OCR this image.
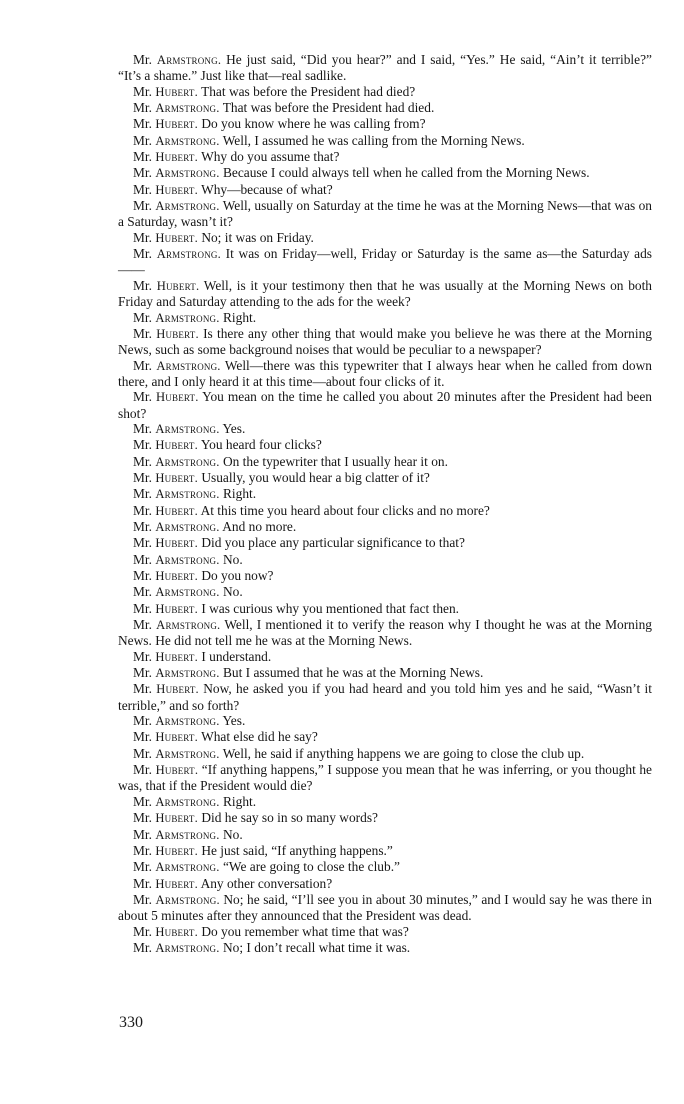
Mr. Armstrong. He just said, “Did you hear?” and I said, “Yes.” He said, “Ain’t it terrible?” “It’s a shame.” Just like that—real sadlike.

Mr. Hubert. That was before the President had died?

Mr. Armstrong. That was before the President had died.

Mr. Hubert. Do you know where he was calling from?

Mr. Armstrong. Well, I assumed he was calling from the Morning News.

Mr. Hubert. Why do you assume that?

Mr. Armstrong. Because I could always tell when he called from the Morning News.

Mr. Hubert. Why—because of what?

Mr. Armstrong. Well, usually on Saturday at the time he was at the Morning News—that was on a Saturday, wasn’t it?

Mr. Hubert. No; it was on Friday.

Mr. Armstrong. It was on Friday—well, Friday or Saturday is the same as—the Saturday ads——

Mr. Hubert. Well, is it your testimony then that he was usually at the Morning News on both Friday and Saturday attending to the ads for the week?

Mr. Armstrong. Right.

Mr. Hubert. Is there any other thing that would make you believe he was there at the Morning News, such as some background noises that would be peculiar to a newspaper?

Mr. Armstrong. Well—there was this typewriter that I always hear when he called from down there, and I only heard it at this time—about four clicks of it.

Mr. Hubert. You mean on the time he called you about 20 minutes after the President had been shot?

Mr. Armstrong. Yes.

Mr. Hubert. You heard four clicks?

Mr. Armstrong. On the typewriter that I usually hear it on.

Mr. Hubert. Usually, you would hear a big clatter of it?

Mr. Armstrong. Right.

Mr. Hubert. At this time you heard about four clicks and no more?

Mr. Armstrong. And no more.

Mr. Hubert. Did you place any particular significance to that?

Mr. Armstrong. No.

Mr. Hubert. Do you now?

Mr. Armstrong. No.

Mr. Hubert. I was curious why you mentioned that fact then.

Mr. Armstrong. Well, I mentioned it to verify the reason why I thought he was at the Morning News. He did not tell me he was at the Morning News.

Mr. Hubert. I understand.

Mr. Armstrong. But I assumed that he was at the Morning News.

Mr. Hubert. Now, he asked you if you had heard and you told him yes and he said, “Wasn’t it terrible,” and so forth?

Mr. Armstrong. Yes.

Mr. Hubert. What else did he say?

Mr. Armstrong. Well, he said if anything happens we are going to close the club up.

Mr. Hubert. “If anything happens,” I suppose you mean that he was inferring, or you thought he was, that if the President would die?

Mr. Armstrong. Right.

Mr. Hubert. Did he say so in so many words?

Mr. Armstrong. No.

Mr. Hubert. He just said, “If anything happens.”

Mr. Armstrong. “We are going to close the club.”

Mr. Hubert. Any other conversation?

Mr. Armstrong. No; he said, “I’ll see you in about 30 minutes,” and I would say he was there in about 5 minutes after they announced that the President was dead.

Mr. Hubert. Do you remember what time that was?

Mr. Armstrong. No; I don’t recall what time it was.

330
